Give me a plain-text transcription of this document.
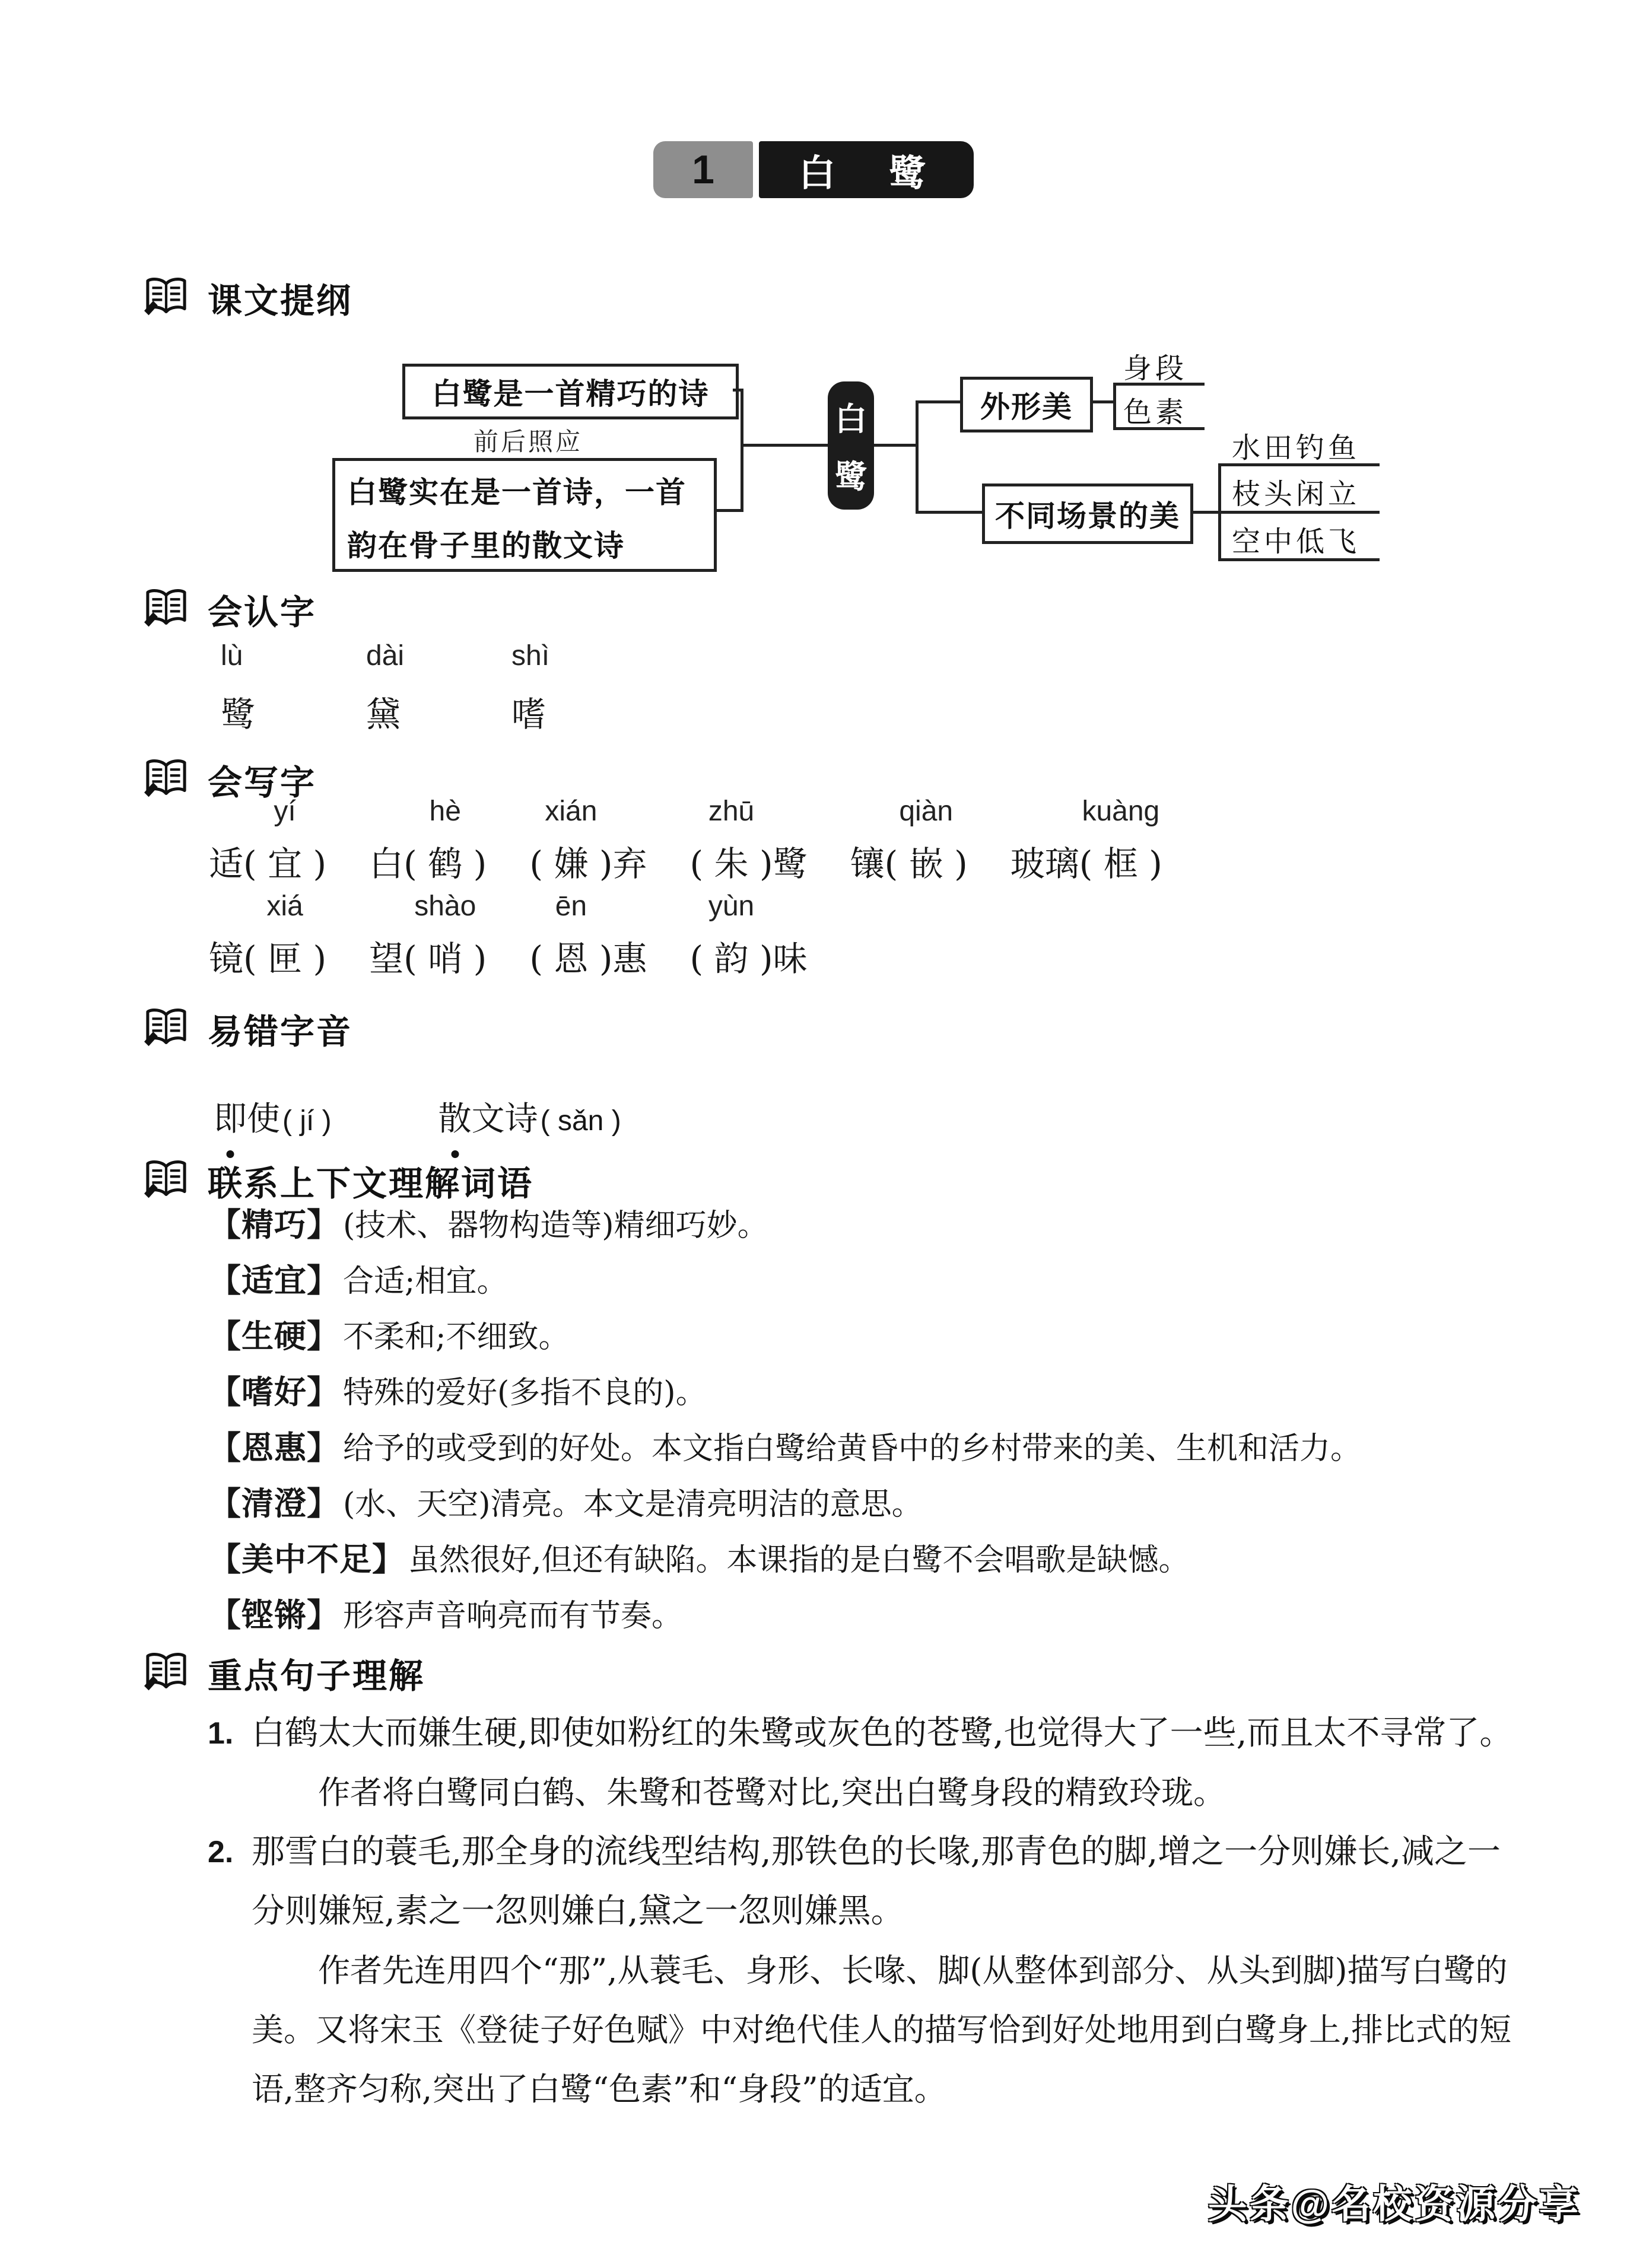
1	白　鹭
课文提纲
白鹭是一首精巧的诗
前后照应
白鹭实在是一首诗，一首韵在骨子里的散文诗
白
鹭
外形美
身段
色素
不同场景的美
水田钓鱼
枝头闲立
空中低飞
会认字
lù
鹭
dài
黛
shì
嗜
会写字
适
yí
( 宜 ) 白
hè
( 鹤 )
xián
( 嫌 ) 弃
zhū
( 朱 ) 鹭 镶
qiàn
( 嵌 ) 玻璃
kuàng
( 框 )
镜
xiá
( 匣 ) 望
shào
( 哨 )
ēn
( 恩 ) 惠
yùn
( 韵 ) 味
易错字音
即 使 ( jí )	散 文诗 ( sǎn )
联系上下文理解词语
【精巧】 (技术、器物构造等)精细巧妙。
【适宜】 合适;相宜。
【生硬】 不柔和;不细致。
【嗜好】 特殊的爱好(多指不良的)。
【恩惠】 给予的或受到的好处。本文指白鹭给黄昏中的乡村带来的美、生机和活力。
【清澄】 (水、天空)清亮。本文是清亮明洁的意思。
【美中不足】 虽然很好,但还有缺陷。本课指的是白鹭不会唱歌是缺憾。
【铿锵】 形容声音响亮而有节奏。
重点句子理解
1. 白鹤太大而嫌生硬,即使如粉红的朱鹭或灰色的苍鹭,也觉得大了一些,而且太不寻常了。

作者将白鹭同白鹤、朱鹭和苍鹭对比,突出白鹭身段的精致玲珑。

2. 那雪白的蓑毛,那全身的流线型结构,那铁色的长喙,那青色的脚,增之一分则嫌长,减之一分则嫌短,素之一忽则嫌白,黛之一忽则嫌黑。

作者先连用四个“那”,从蓑毛、身形、长喙、脚(从整体到部分、从头到脚)描写白鹭的美。又将宋玉《登徒子好色赋》中对绝代佳人的描写恰到好处地用到白鹭身上,排比式的短语,整齐匀称,突出了白鹭“色素”和“身段”的适宜。

头条@名校资源分享
